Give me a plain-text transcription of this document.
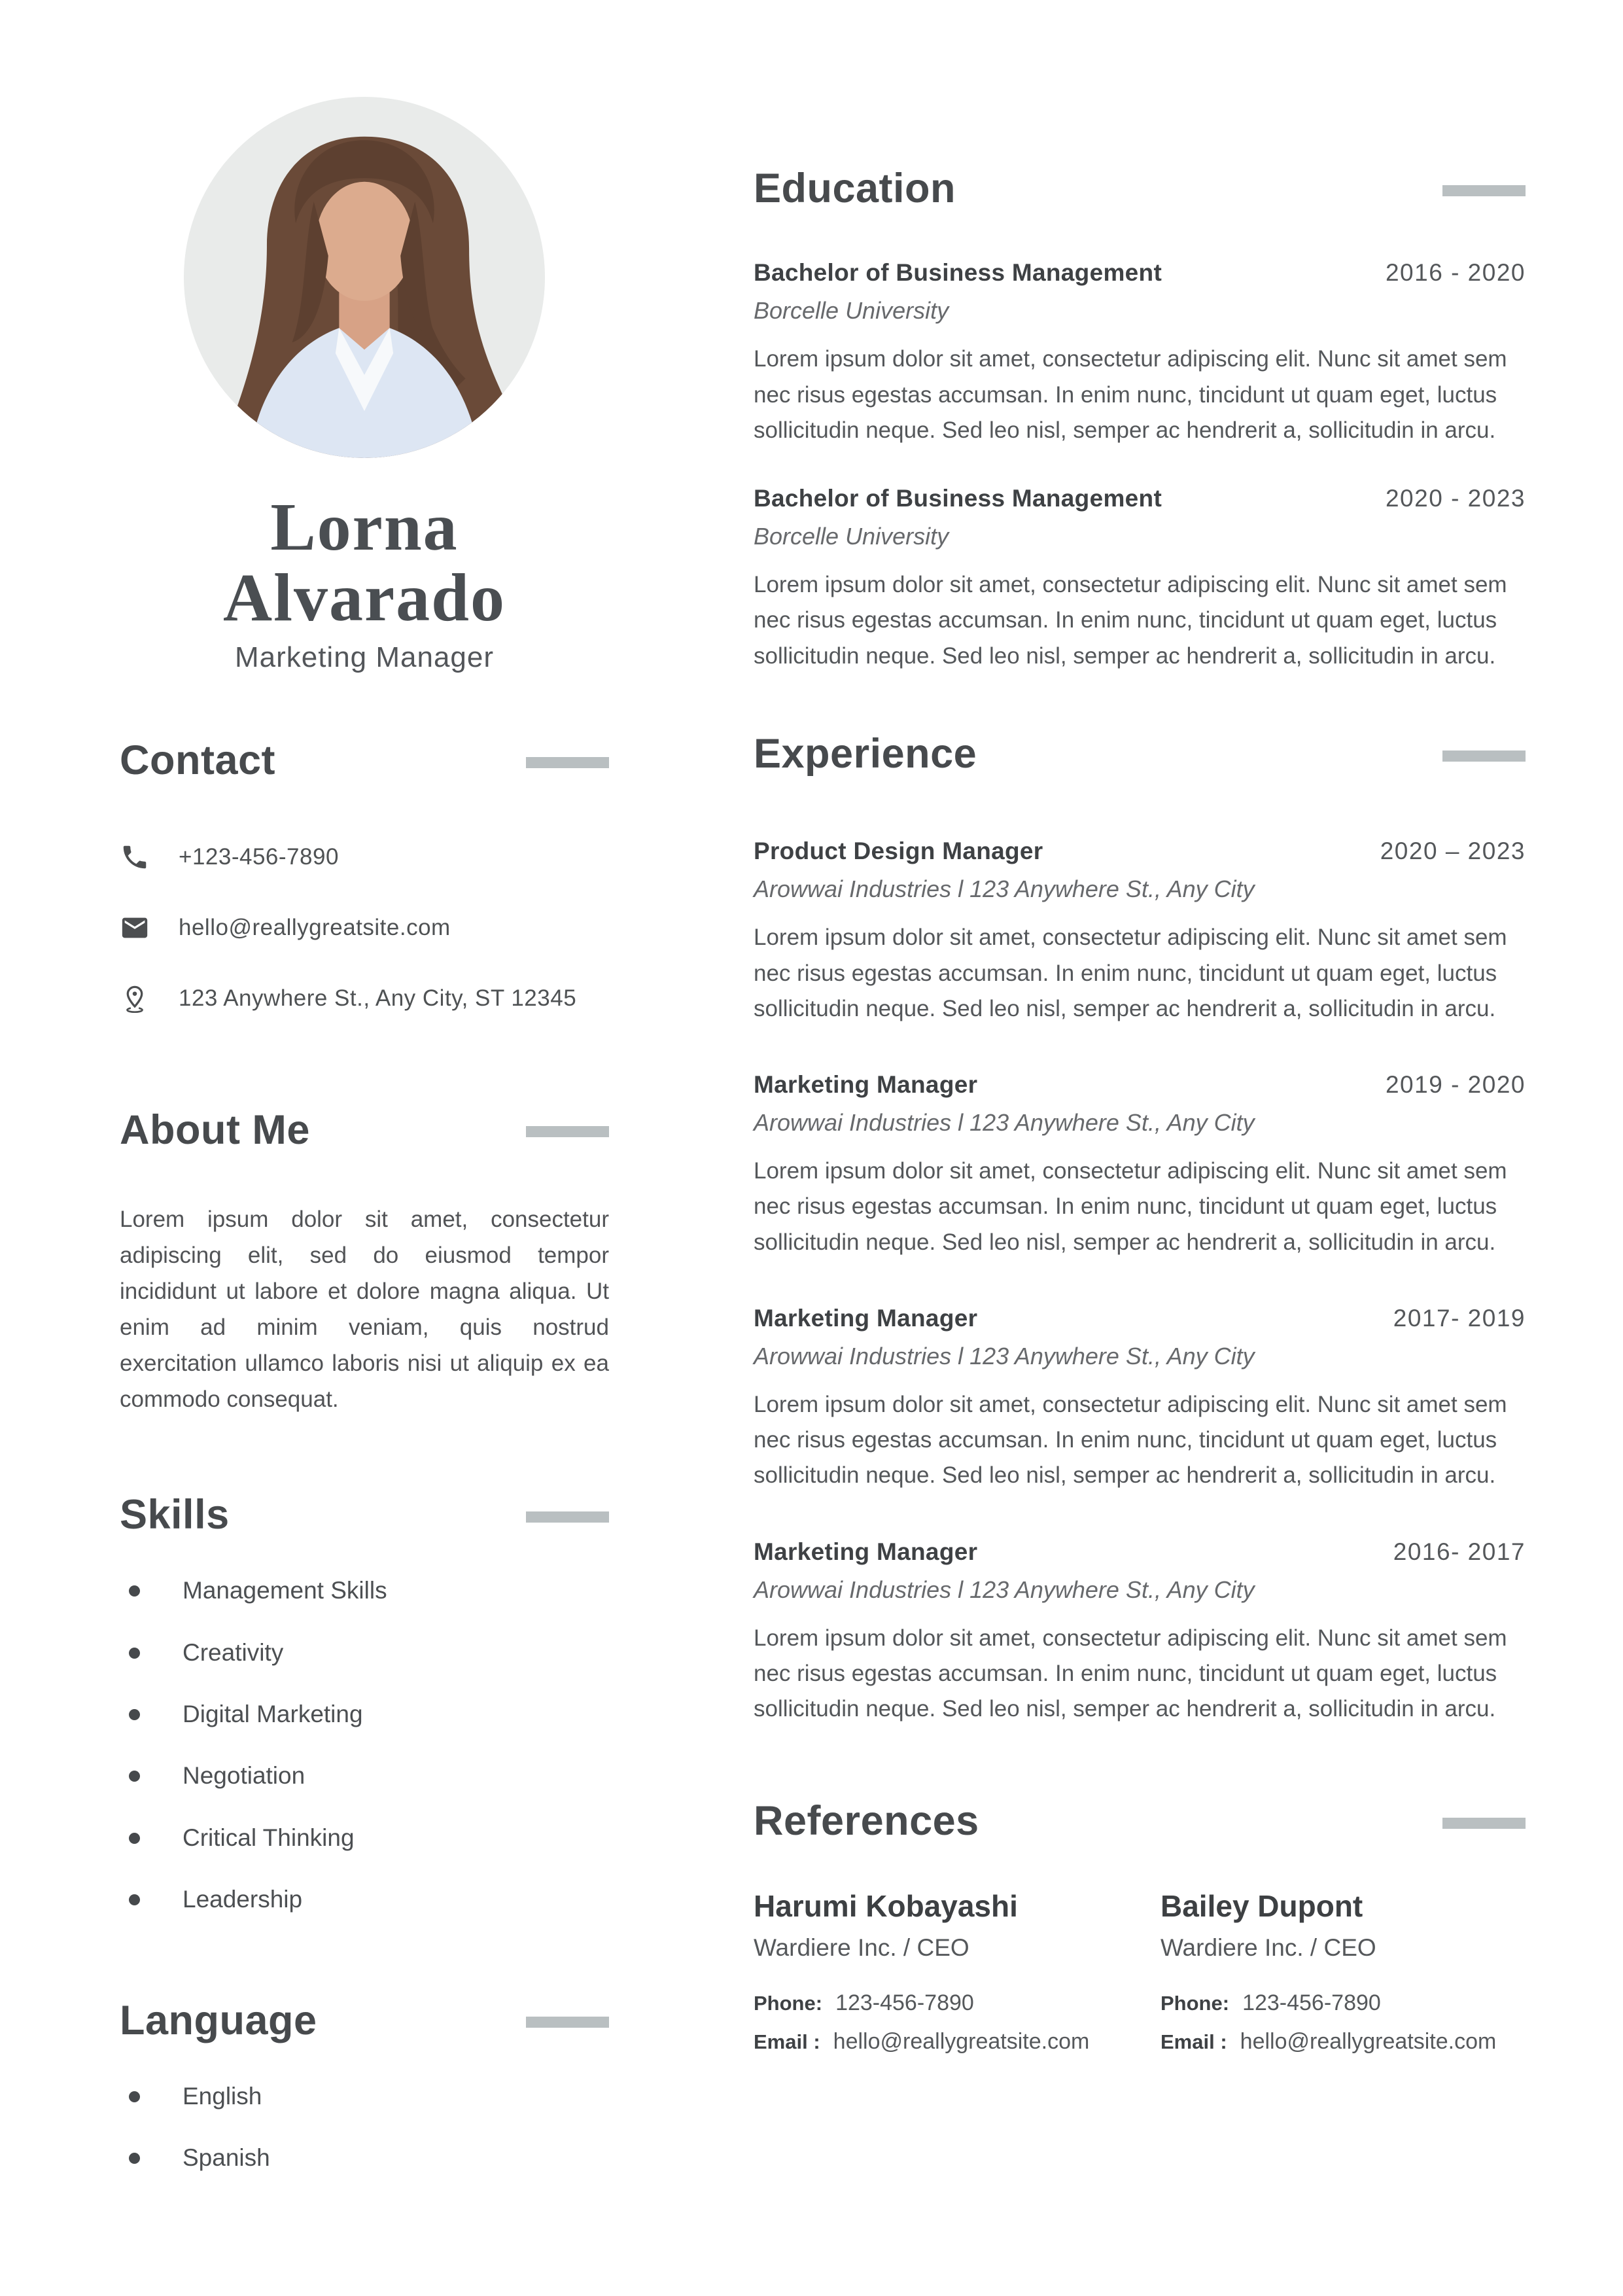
Lorna
Alvarado
Marketing Manager
Contact
+123-456-7890
hello@reallygreatsite.com
123 Anywhere St., Any City, ST 12345
About Me
Lorem ipsum dolor sit amet, consectetur adipiscing elit, sed do eiusmod tempor incididunt ut labore et dolore magna aliqua. Ut enim ad minim veniam, quis nostrud exercitation ullamco laboris nisi ut aliquip ex ea commodo consequat.
Skills
Management Skills
Creativity
Digital Marketing
Negotiation
Critical Thinking
Leadership
Language
English
Spanish
Education
Bachelor of Business Management	2016 - 2020
Borcelle University
Lorem ipsum dolor sit amet, consectetur adipiscing elit. Nunc sit amet sem nec risus egestas accumsan. In enim nunc, tincidunt ut quam eget, luctus sollicitudin neque. Sed leo nisl, semper ac hendrerit a, sollicitudin in arcu.
Bachelor of Business Management	2020 - 2023
Borcelle University
Lorem ipsum dolor sit amet, consectetur adipiscing elit. Nunc sit amet sem nec risus egestas accumsan. In enim nunc, tincidunt ut quam eget, luctus sollicitudin neque. Sed leo nisl, semper ac hendrerit a, sollicitudin in arcu.
Experience
Product Design Manager	2020 – 2023
Arowwai Industries l 123 Anywhere St., Any City
Lorem ipsum dolor sit amet, consectetur adipiscing elit. Nunc sit amet sem nec risus egestas accumsan. In enim nunc, tincidunt ut quam eget, luctus sollicitudin neque. Sed leo nisl, semper ac hendrerit a, sollicitudin in arcu.
Marketing Manager	2019 - 2020
Arowwai Industries l 123 Anywhere St., Any City
Lorem ipsum dolor sit amet, consectetur adipiscing elit. Nunc sit amet sem nec risus egestas accumsan. In enim nunc, tincidunt ut quam eget, luctus sollicitudin neque. Sed leo nisl, semper ac hendrerit a, sollicitudin in arcu.
Marketing Manager	2017- 2019
Arowwai Industries l 123 Anywhere St., Any City
Lorem ipsum dolor sit amet, consectetur adipiscing elit. Nunc sit amet sem nec risus egestas accumsan. In enim nunc, tincidunt ut quam eget, luctus sollicitudin neque. Sed leo nisl, semper ac hendrerit a, sollicitudin in arcu.
Marketing Manager	2016- 2017
Arowwai Industries l 123 Anywhere St., Any City
Lorem ipsum dolor sit amet, consectetur adipiscing elit. Nunc sit amet sem nec risus egestas accumsan. In enim nunc, tincidunt ut quam eget, luctus sollicitudin neque. Sed leo nisl, semper ac hendrerit a, sollicitudin in arcu.
References
Harumi Kobayashi
Wardiere Inc. / CEO
Phone: 123-456-7890
Email : hello@reallygreatsite.com
Bailey Dupont
Wardiere Inc. / CEO
Phone: 123-456-7890
Email : hello@reallygreatsite.com
